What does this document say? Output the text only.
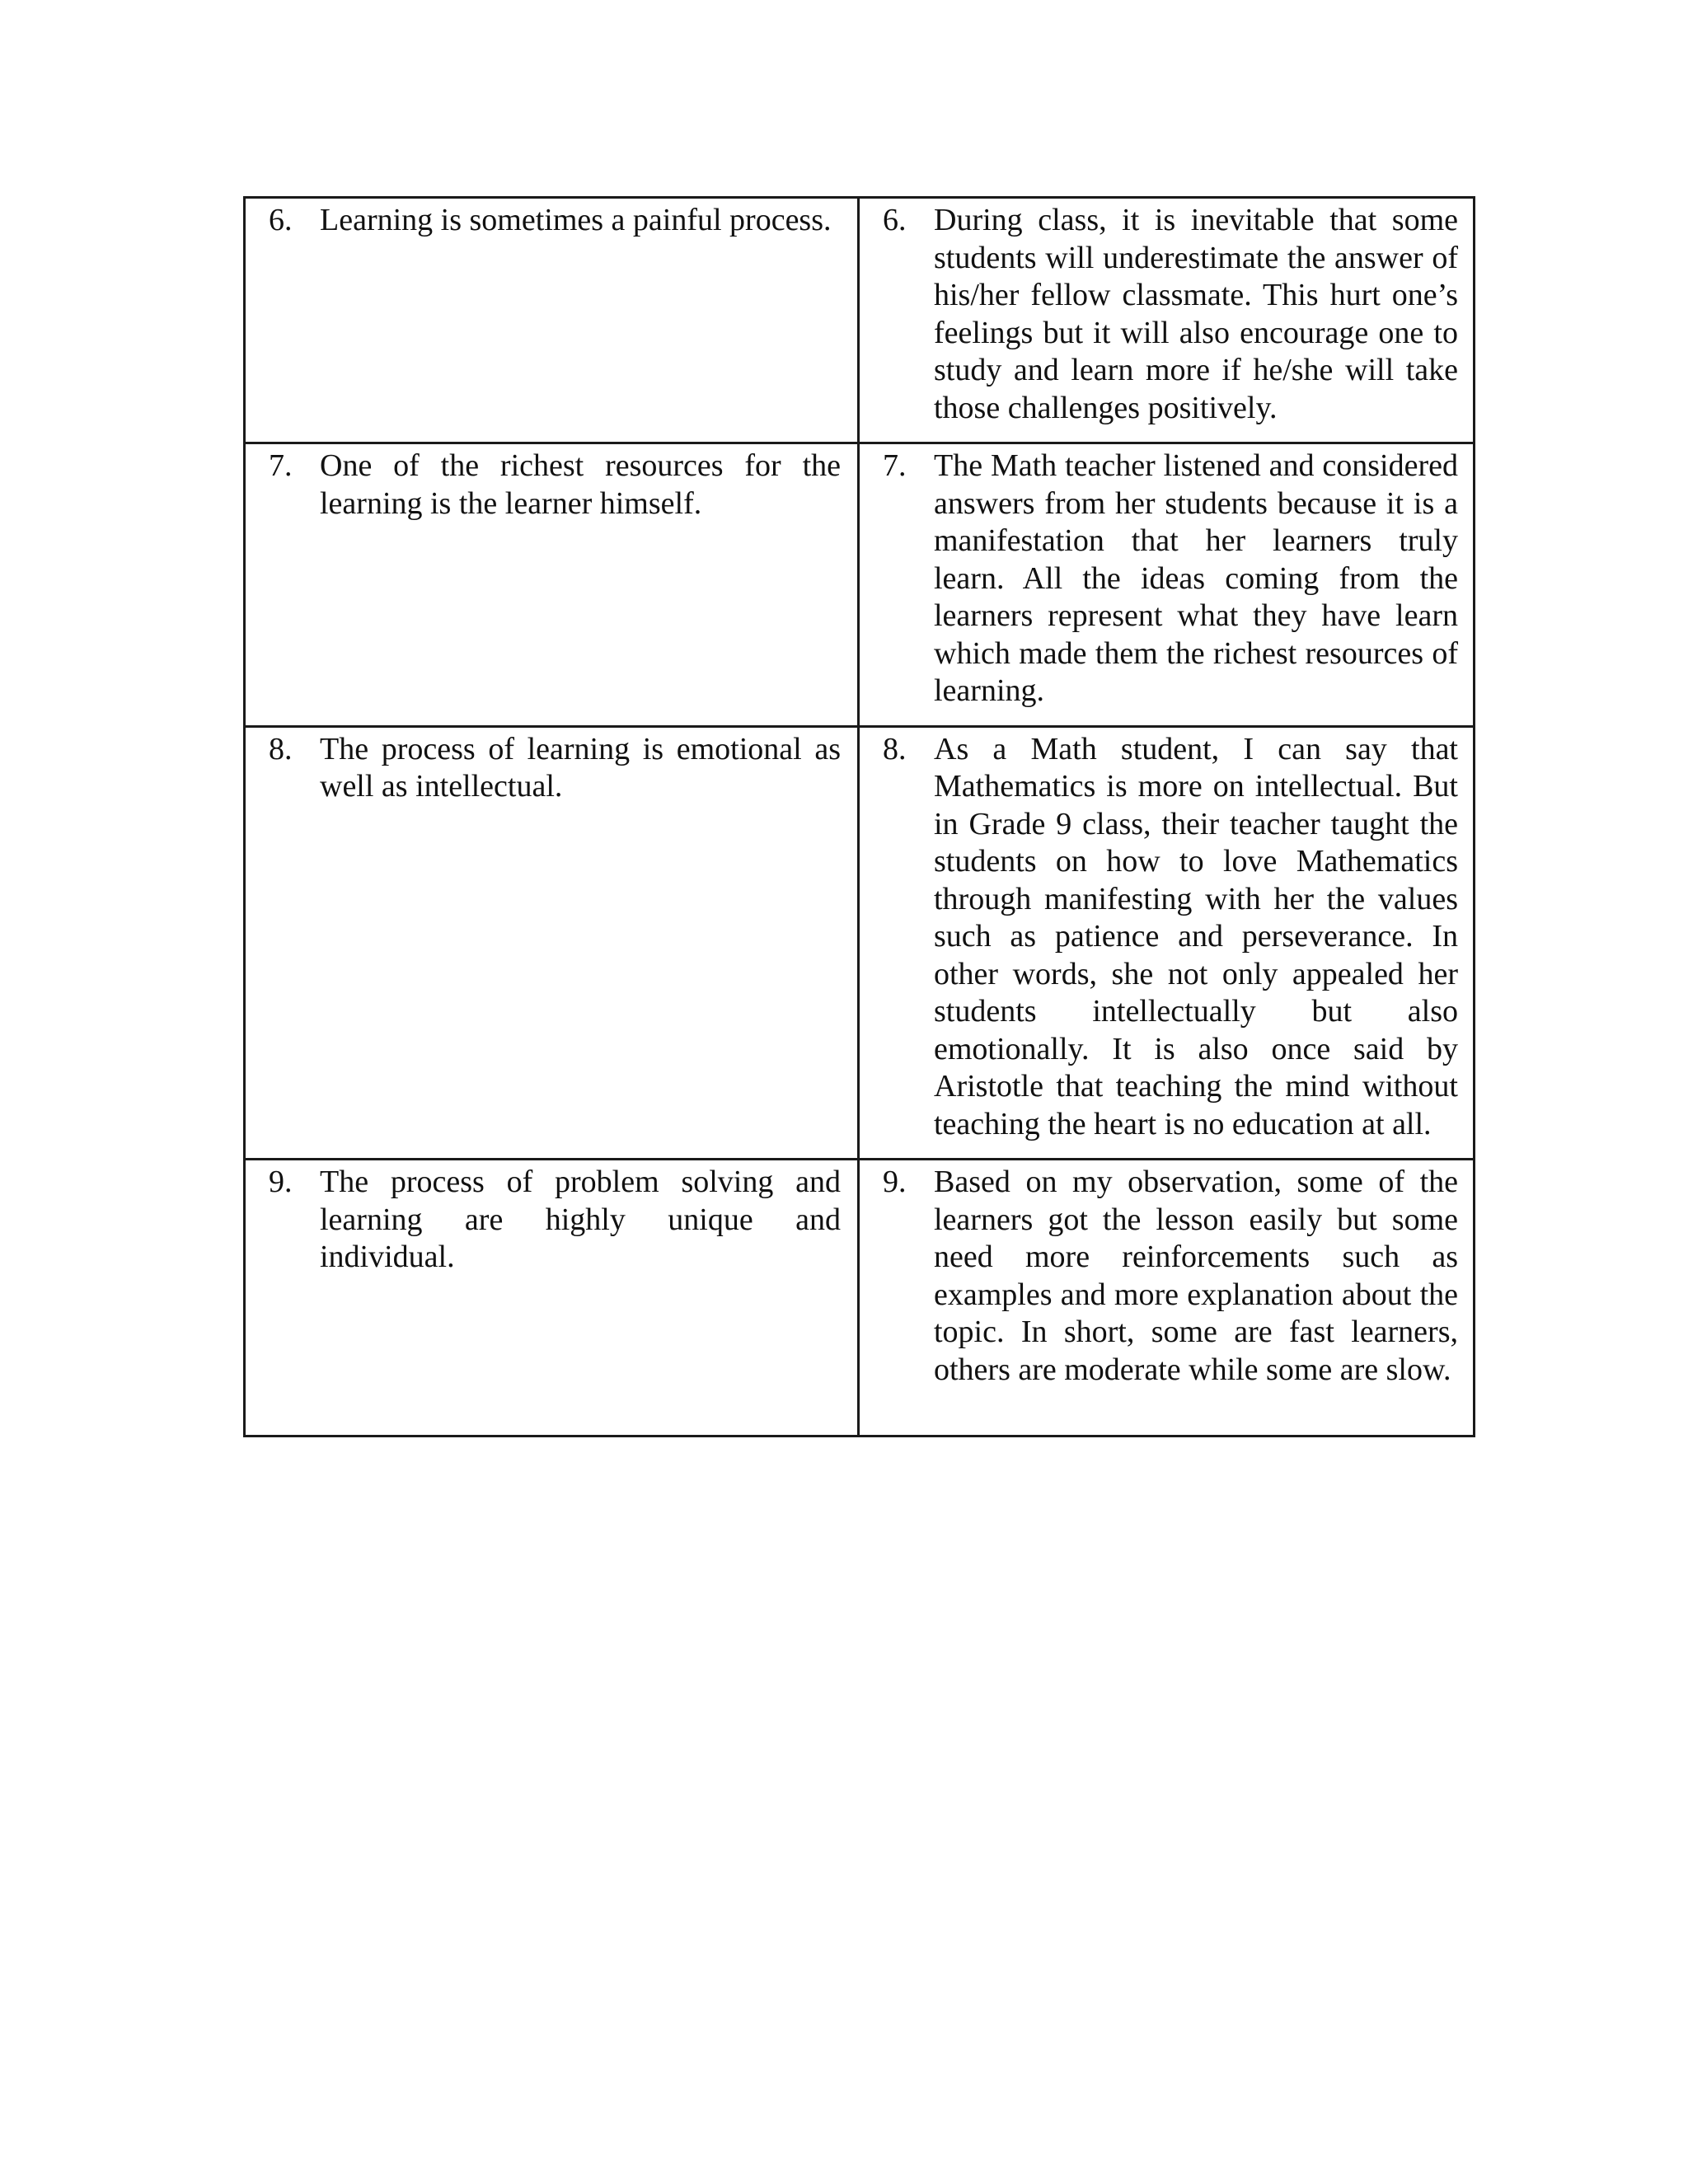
6. Learning is sometimes a painful process.	6. During class, it is inevitable that some students will underestimate the answer of his/her fellow classmate. This hurt one’s feelings but it will also encourage one to study and learn more if he/she will take those challenges positively.

7. One of the richest resources for the learning is the learner himself.	7. The Math teacher listened and considered answers from her students because it is a manifestation that her learners truly learn. All the ideas coming from the learners represent what they have learn which made them the richest resources of learning.

8. The process of learning is emotional as well as intellectual.	8. As a Math student, I can say that Mathematics is more on intellectual. But in Grade 9 class, their teacher taught the students on how to love Mathematics through manifesting with her the values such as patience and perseverance. In other words, she not only appealed her students intellectually but also emotionally. It is also once said by Aristotle that teaching the mind without teaching the heart is no education at all.

9. The process of problem solving and learning are highly unique and individual.	9. Based on my observation, some of the learners got the lesson easily but some need more reinforcements such as examples and more explanation about the topic. In short, some are fast learners, others are moderate while some are slow.
